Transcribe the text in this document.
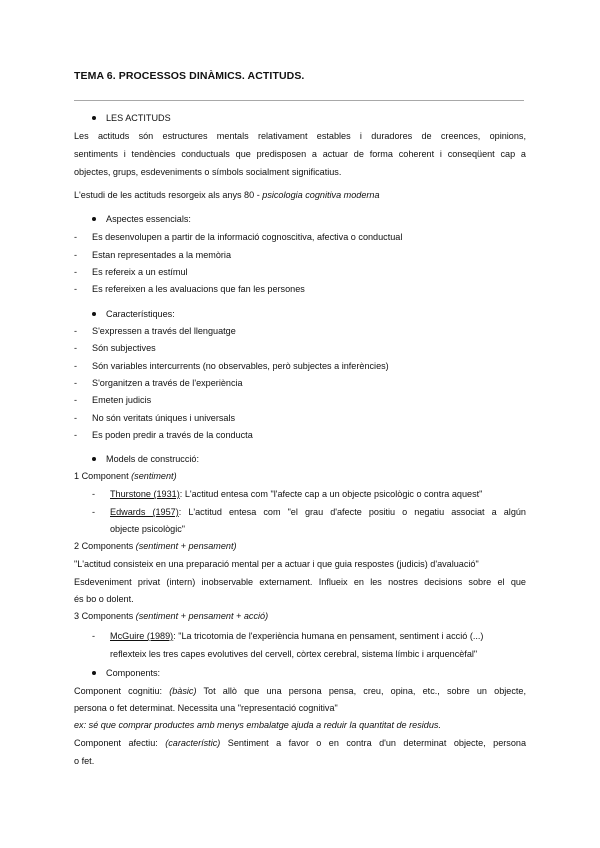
TEMA 6. PROCESSOS DINÀMICS. ACTITUDS.
LES ACTITUDS
Les actituds són estructures mentals relativament estables i duradores de creences, opinions,
sentiments i tendències conductuals que predisposen a actuar de forma coherent i conseqüent cap a
objectes, grups, esdeveniments o símbols socialment significatius.
L'estudi de les actituds resorgeix als anys 80 - psicologia cognitiva moderna
Aspectes essencials:
- Es desenvolupen a partir de la informació cognoscitiva, afectiva o conductual
- Estan representades a la memòria
- Es refereix a un estímul
- Es refereixen a les avaluacions que fan les persones
Característiques:
- S'expressen a través del llenguatge
- Són subjectives
- Són variables intercurrents (no observables, però subjectes a inferències)
- S'organitzen a través de l'experiència
- Emeten judicis
- No són veritats úniques i universals
- Es poden predir a través de la conducta
Models de construcció:
1 Component (sentiment)
- Thurstone (1931): L'actitud entesa com "l'afecte cap a un objecte psicològic o contra aquest"
- Edwards (1957): L'actitud entesa com "el grau d'afecte positiu o negatiu associat a algún
objecte psicològic"
2 Components (sentiment + pensament)
"L'actitud consisteix en una preparació mental per a actuar i que guia respostes (judicis) d'avaluació"
Esdeveniment privat (intern) inobservable externament. Influeix en les nostres decisions sobre el que
és bo o dolent.
3 Components (sentiment + pensament + acció)
- McGuire (1989): "La tricotomia de l'experiència humana en pensament, sentiment i acció (...)
reflexteix les tres capes evolutives del cervell, còrtex cerebral, sistema límbic i arquencèfal"
Components:
Component cognitiu: (bàsic) Tot allò que una persona pensa, creu, opina, etc., sobre un objecte,
persona o fet determinat. Necessita una "representació cognitiva"
ex: sé que comprar productes amb menys embalatge ajuda a reduir la quantitat de residus.
Component afectiu: (característic) Sentiment a favor o en contra d'un determinat objecte, persona
o fet.
